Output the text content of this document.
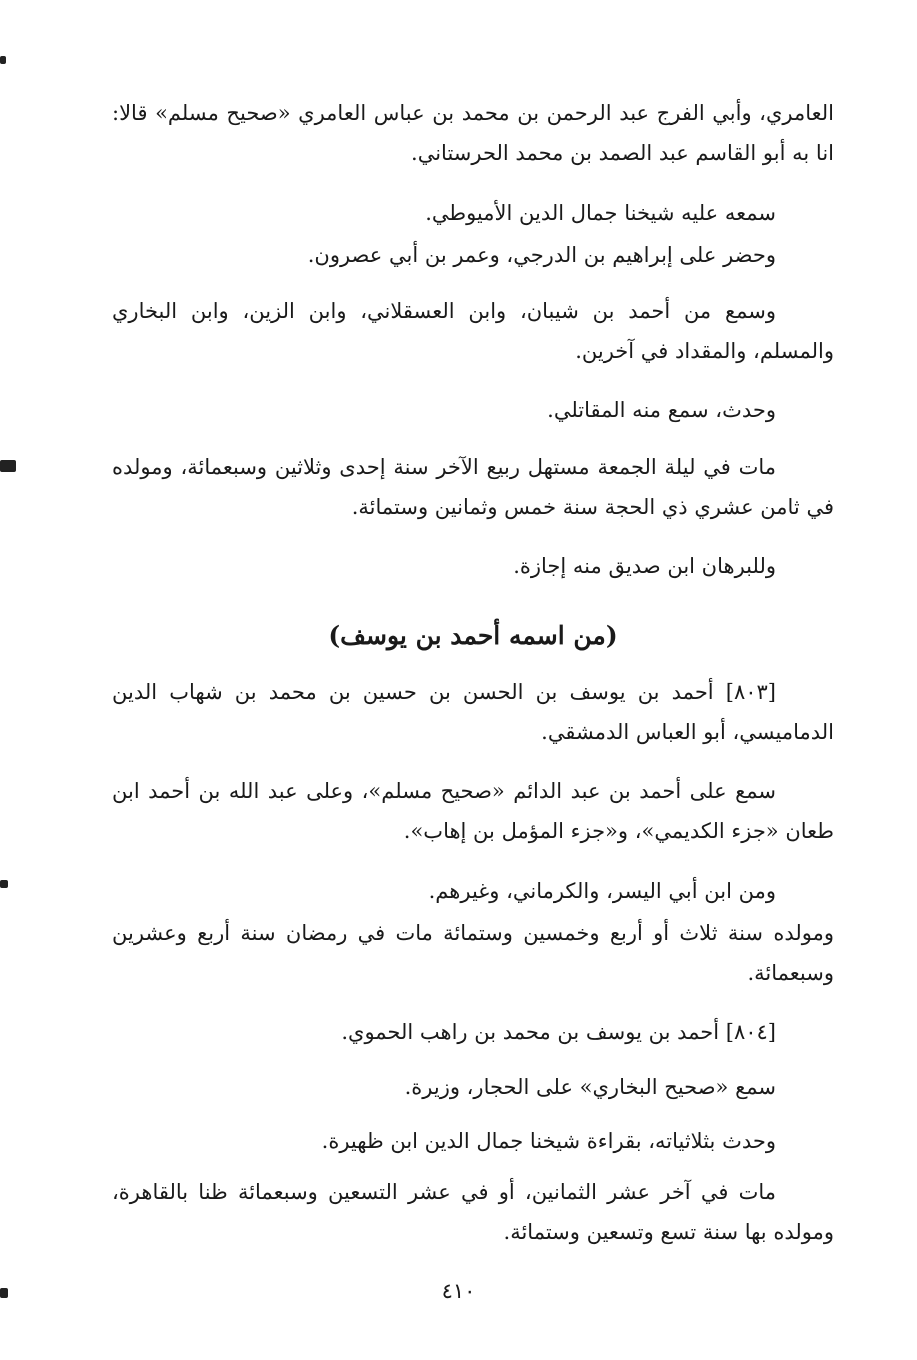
العامري، وأبي الفرج عبد الرحمن بن محمد بن عباس العامري «صحيح مسلم» قالا: انا به أبو القاسم عبد الصمد بن محمد الحرستاني.

سمعه عليه شيخنا جمال الدين الأميوطي.

وحضر على إبراهيم بن الدرجي، وعمر بن أبي عصرون.

وسمع من أحمد بن شيبان، وابن العسقلاني، وابن الزين، وابن البخاري والمسلم، والمقداد في آخرين.

وحدث، سمع منه المقاتلي.

مات في ليلة الجمعة مستهل ربيع الآخر سنة إحدى وثلاثين وسبعمائة، ومولده في ثامن عشري ذي الحجة سنة خمس وثمانين وستمائة.

وللبرهان ابن صديق منه إجازة.

(من اسمه أحمد بن يوسف)

[٨٠٣] أحمد بن يوسف بن الحسن بن حسين بن محمد بن شهاب الدين الدماميسي، أبو العباس الدمشقي.

سمع على أحمد بن عبد الدائم «صحيح مسلم»، وعلى عبد الله بن أحمد ابن طعان «جزء الكديمي»، و«جزء المؤمل بن إهاب».

ومن ابن أبي اليسر، والكرماني، وغيرهم.

ومولده سنة ثلاث أو أربع وخمسين وستمائة مات في رمضان سنة أربع وعشرين وسبعمائة.

[٨٠٤] أحمد بن يوسف بن محمد بن راهب الحموي.

سمع «صحيح البخاري» على الحجار، وزيرة.

وحدث بثلاثياته، بقراءة شيخنا جمال الدين ابن ظهيرة.

مات في آخر عشر الثمانين، أو في عشر التسعين وسبعمائة ظنا بالقاهرة، ومولده بها سنة تسع وتسعين وستمائة.

٤١٠
